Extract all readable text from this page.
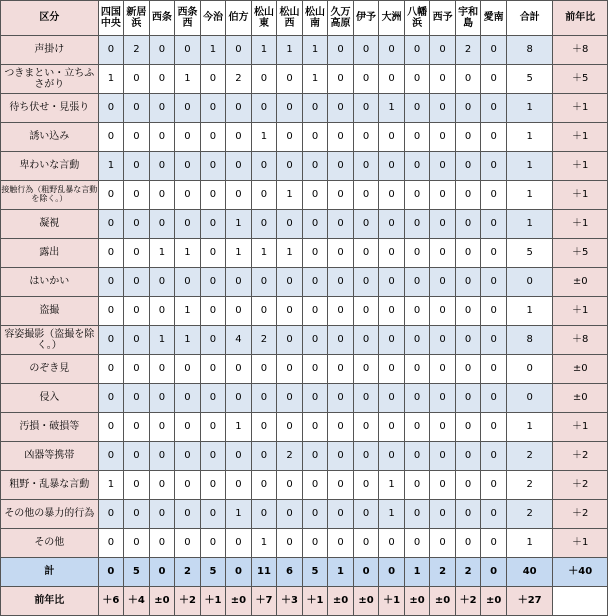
区分	四国中央	新居浜	西条	西条西	今治	伯方	松山東	松山西	松山南	久万高原	伊予	大洲	八幡浜	西予	宇和島	愛南	合計	前年比
声掛け	0	2	0	0	1	0	1	1	1	0	0	0	0	0	2	0	8	＋8
つきまとい・立ちふさがり	1	0	0	1	0	2	0	0	1	0	0	0	0	0	0	0	5	＋5
待ち伏せ・見張り	0	0	0	0	0	0	0	0	0	0	0	1	0	0	0	0	1	＋1
誘い込み	0	0	0	0	0	0	1	0	0	0	0	0	0	0	0	0	1	＋1
卑わいな言動	1	0	0	0	0	0	0	0	0	0	0	0	0	0	0	0	1	＋1
接触行為（粗野乱暴な言動を除く。）	0	0	0	0	0	0	0	1	0	0	0	0	0	0	0	0	1	＋1
凝視	0	0	0	0	0	1	0	0	0	0	0	0	0	0	0	0	1	＋1
露出	0	0	1	1	0	1	1	1	0	0	0	0	0	0	0	0	5	＋5
はいかい	0	0	0	0	0	0	0	0	0	0	0	0	0	0	0	0	0	±0
盗撮	0	0	0	1	0	0	0	0	0	0	0	0	0	0	0	0	1	＋1
容姿撮影（盗撮を除く。）	0	0	1	1	0	4	2	0	0	0	0	0	0	0	0	0	8	＋8
のぞき見	0	0	0	0	0	0	0	0	0	0	0	0	0	0	0	0	0	±0
侵入	0	0	0	0	0	0	0	0	0	0	0	0	0	0	0	0	0	±0
汚損・破損等	0	0	0	0	0	1	0	0	0	0	0	0	0	0	0	0	1	＋1
凶器等携帯	0	0	0	0	0	0	0	2	0	0	0	0	0	0	0	0	2	＋2
粗野・乱暴な言動	1	0	0	0	0	0	0	0	0	0	0	1	0	0	0	0	2	＋2
その他の暴力的行為	0	0	0	0	0	1	0	0	0	0	0	1	0	0	0	0	2	＋2
その他	0	0	0	0	0	0	1	0	0	0	0	0	0	0	0	0	1	＋1
計	0	5	0	2	5	0	11	6	5	1	0	0	1	2	2	0	40	＋40
前年比	＋6	＋4	±0	＋2	＋1	±0	＋7	＋3	＋1	±0	±0	＋1	±0	±0	＋2	±0	＋27	
